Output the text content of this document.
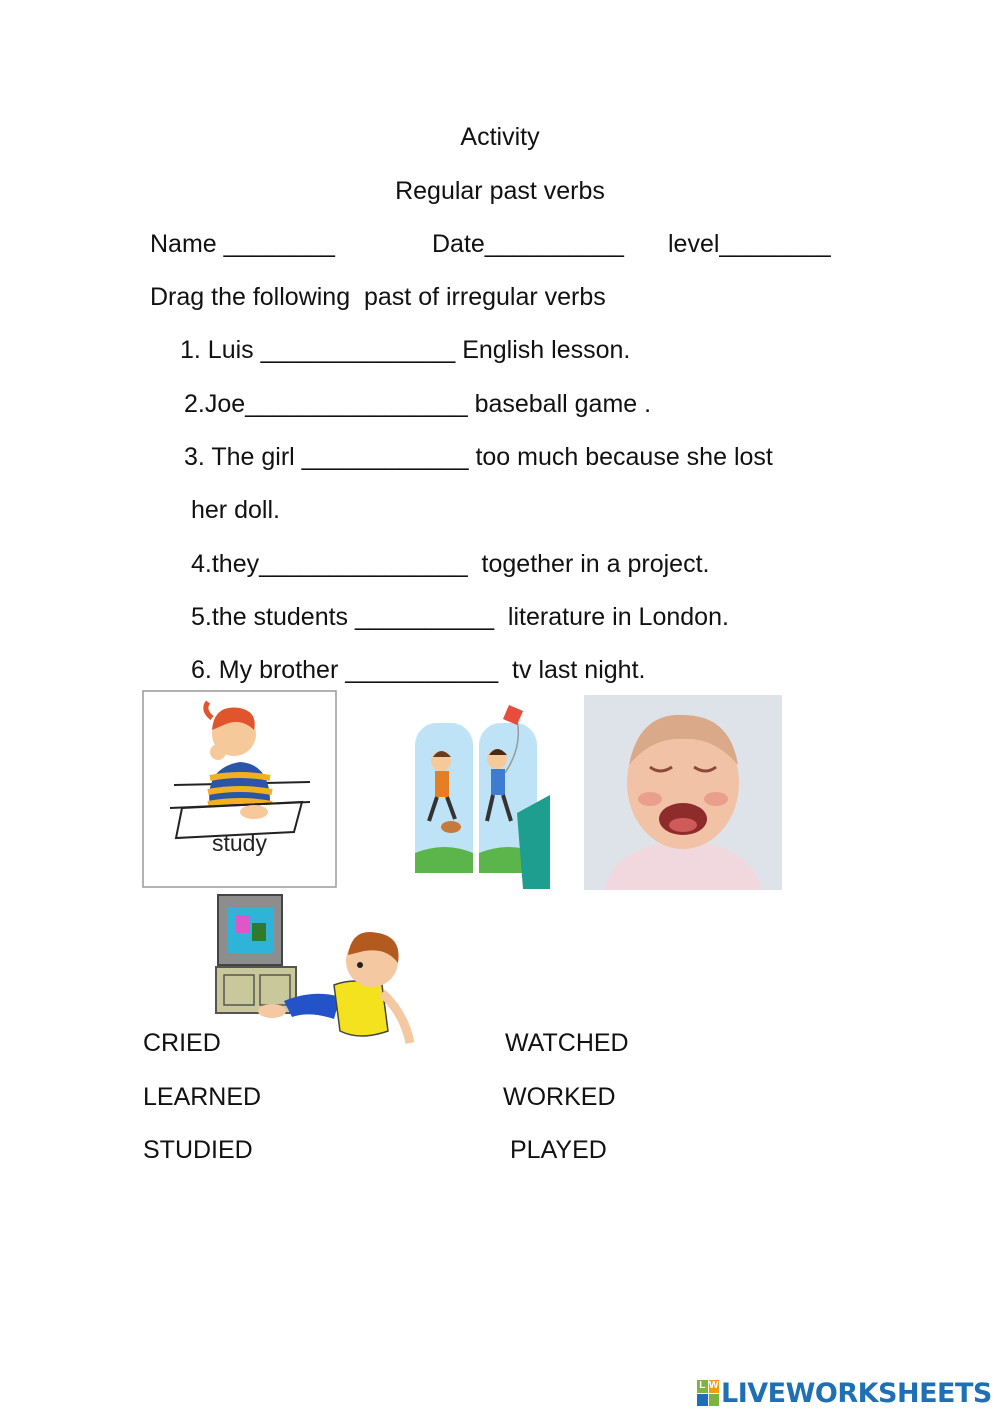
Activity
Regular past verbs
Name ________	Date__________ level________
Drag the following  past of irregular verbs
1. Luis ______________ English lesson.
2.Joe________________ baseball game .
3. The girl ____________ too much because she lost
her doll.
4.they_______________  together in a project.
5.the students __________  literature in London.
6. My brother ___________  tv last night.
study
CRIED
LEARNED
STUDIED
WATCHED
WORKED
PLAYED
L W LIVEWORKSHEETS
